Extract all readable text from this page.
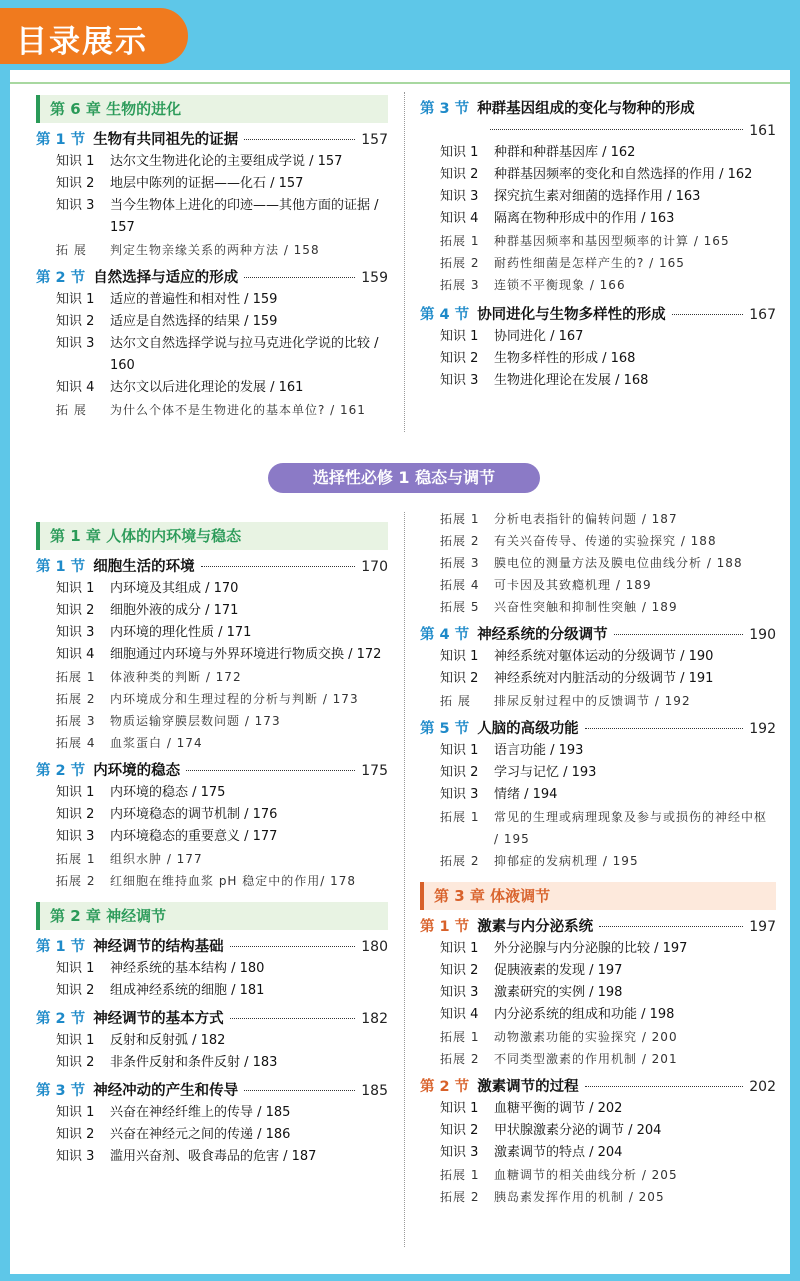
目录展示
第 6 章 生物的进化
第 1 节 生物有共同祖先的证据	157
知识 1	达尔文生物进化论的主要组成学说 / 157
知识 2	地层中陈列的证据——化石 / 157
知识 3	当今生物体上进化的印迹——其他方面的证据 / 157
拓 展	判定生物亲缘关系的两种方法 / 158
第 2 节 自然选择与适应的形成	159
知识 1	适应的普遍性和相对性 / 159
知识 2	适应是自然选择的结果 / 159
知识 3	达尔文自然选择学说与拉马克进化学说的比较 / 160
知识 4	达尔文以后进化理论的发展 / 161
拓 展	为什么个体不是生物进化的基本单位? / 161
第 3 节 种群基因组成的变化与物种的形成
161
知识 1	种群和种群基因库 / 162
知识 2	种群基因频率的变化和自然选择的作用 / 162
知识 3	探究抗生素对细菌的选择作用 / 163
知识 4	隔离在物种形成中的作用 / 163
拓展 1	种群基因频率和基因型频率的计算 / 165
拓展 2	耐药性细菌是怎样产生的? / 165
拓展 3	连锁不平衡现象 / 166
第 4 节 协同进化与生物多样性的形成	167
知识 1	协同进化 / 167
知识 2	生物多样性的形成 / 168
知识 3	生物进化理论在发展 / 168
选择性必修 1 稳态与调节
第 1 章 人体的内环境与稳态
第 1 节 细胞生活的环境	170
知识 1	内环境及其组成 / 170
知识 2	细胞外液的成分 / 171
知识 3	内环境的理化性质 / 171
知识 4	细胞通过内环境与外界环境进行物质交换 / 172
拓展 1	体液种类的判断 / 172
拓展 2	内环境成分和生理过程的分析与判断 / 173
拓展 3	物质运输穿膜层数问题 / 173
拓展 4	血浆蛋白 / 174
第 2 节 内环境的稳态	175
知识 1	内环境的稳态 / 175
知识 2	内环境稳态的调节机制 / 176
知识 3	内环境稳态的重要意义 / 177
拓展 1	组织水肿 / 177
拓展 2	红细胞在维持血浆 pH 稳定中的作用/ 178
第 2 章 神经调节
第 1 节 神经调节的结构基础	180
知识 1	神经系统的基本结构 / 180
知识 2	组成神经系统的细胞 / 181
第 2 节 神经调节的基本方式	182
知识 1	反射和反射弧 / 182
知识 2	非条件反射和条件反射 / 183
第 3 节 神经冲动的产生和传导	185
知识 1	兴奋在神经纤维上的传导 / 185
知识 2	兴奋在神经元之间的传递 / 186
知识 3	滥用兴奋剂、吸食毒品的危害 / 187
拓展 1	分析电表指针的偏转问题 / 187
拓展 2	有关兴奋传导、传递的实验探究 / 188
拓展 3	膜电位的测量方法及膜电位曲线分析 / 188
拓展 4	可卡因及其致瘾机理 / 189
拓展 5	兴奋性突触和抑制性突触 / 189
第 4 节 神经系统的分级调节	190
知识 1	神经系统对躯体运动的分级调节 / 190
知识 2	神经系统对内脏活动的分级调节 / 191
拓 展	排尿反射过程中的反馈调节 / 192
第 5 节 人脑的高级功能	192
知识 1	语言功能 / 193
知识 2	学习与记忆 / 193
知识 3	情绪 / 194
拓展 1	常见的生理或病理现象及参与或损伤的神经中枢 / 195
拓展 2	抑郁症的发病机理 / 195
第 3 章 体液调节
第 1 节 激素与内分泌系统	197
知识 1	外分泌腺与内分泌腺的比较 / 197
知识 2	促胰液素的发现 / 197
知识 3	激素研究的实例 / 198
知识 4	内分泌系统的组成和功能 / 198
拓展 1	动物激素功能的实验探究 / 200
拓展 2	不同类型激素的作用机制 / 201
第 2 节 激素调节的过程	202
知识 1	血糖平衡的调节 / 202
知识 2	甲状腺激素分泌的调节 / 204
知识 3	激素调节的特点 / 204
拓展 1	血糖调节的相关曲线分析 / 205
拓展 2	胰岛素发挥作用的机制 / 205
